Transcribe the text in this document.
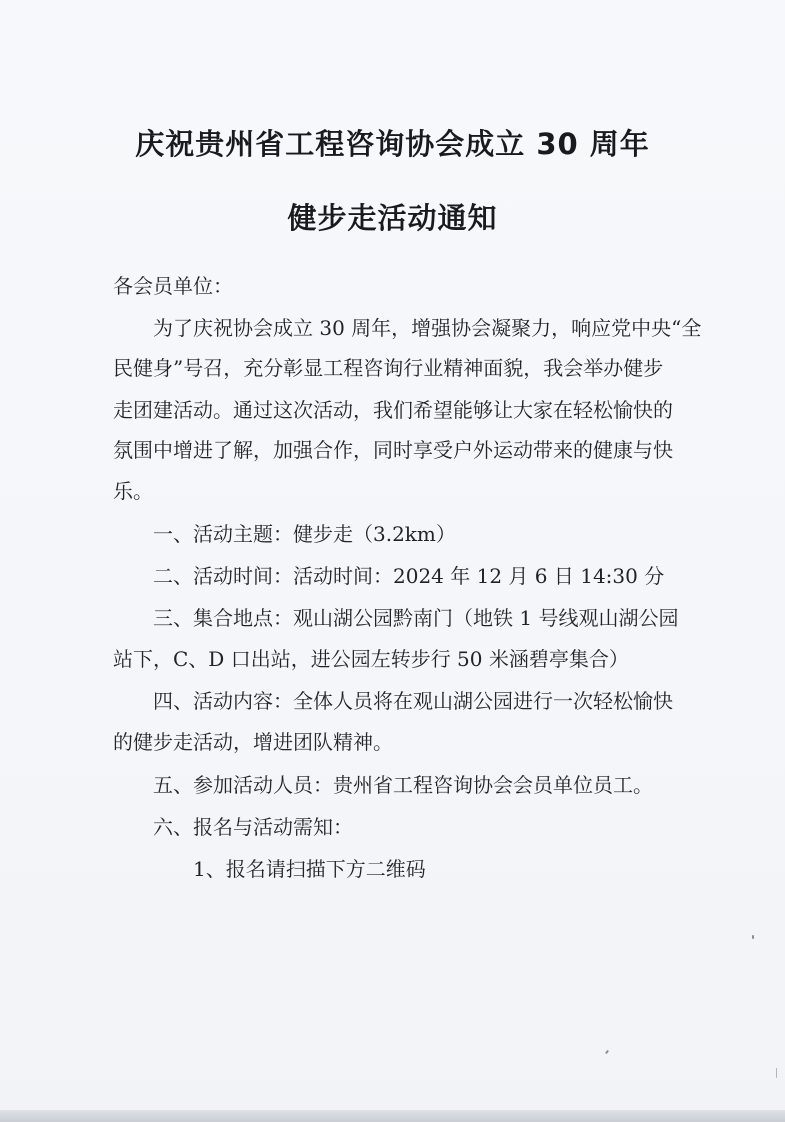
庆祝贵州省工程咨询协会成立 30 周年
健步走活动通知
各会员单位：
　　为了庆祝协会成立 30 周年，增强协会凝聚力，响应党中央“全
民健身”号召，充分彰显工程咨询行业精神面貌，我会举办健步
走团建活动。通过这次活动，我们希望能够让大家在轻松愉快的
氛围中增进了解，加强合作，同时享受户外运动带来的健康与快
乐。
　　一、活动主题：健步走（3.2km）
　　二、活动时间：活动时间：2024 年 12 月 6 日 14:30 分
　　三、集合地点：观山湖公园黔南门（地铁 1 号线观山湖公园
站下，C、D 口出站，进公园左转步行 50 米涵碧亭集合）
　　四、活动内容：全体人员将在观山湖公园进行一次轻松愉快
的健步走活动，增进团队精神。
　　五、参加活动人员：贵州省工程咨询协会会员单位员工。
　　六、报名与活动需知：
　　　　1、报名请扫描下方二维码
